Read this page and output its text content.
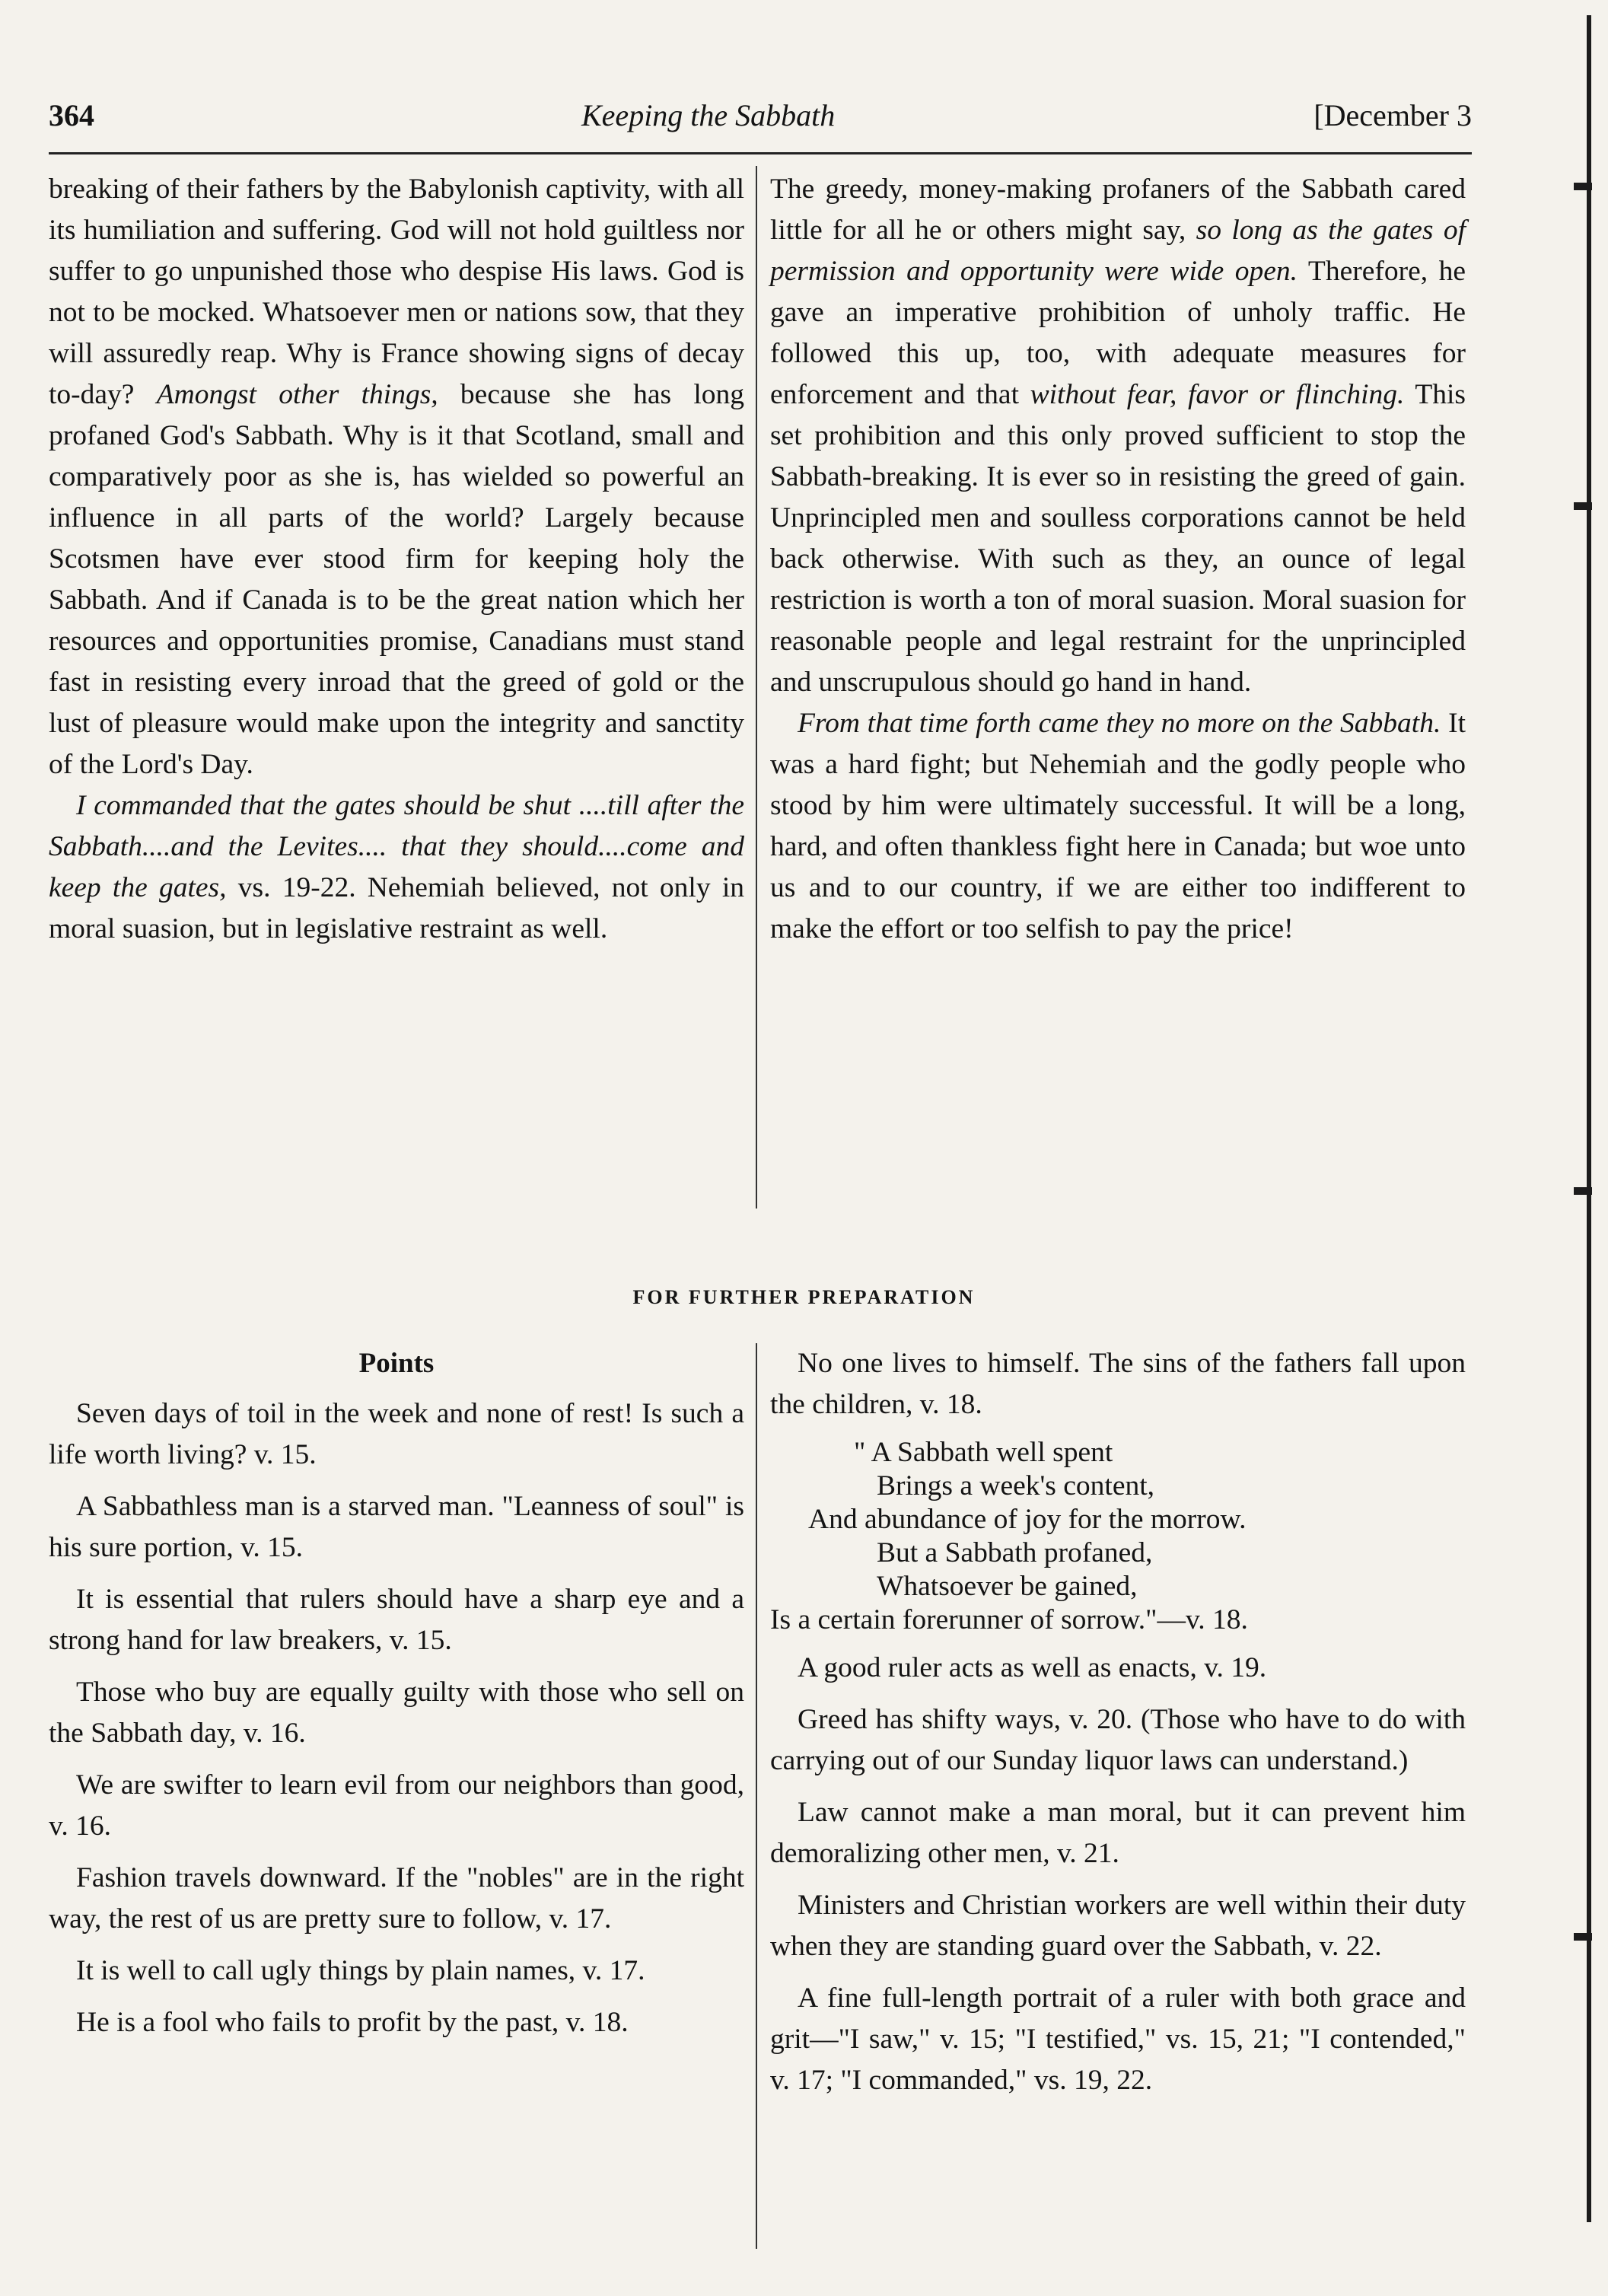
364	Keeping the Sabbath	[December 3

breaking of their fathers by the Babylonish captivity, with all its humiliation and suffering. God will not hold guiltless nor suffer to go unpunished those who despise His laws. God is not to be mocked. Whatsoever men or nations sow, that they will assuredly reap. Why is France showing signs of decay to-day? Amongst other things, because she has long profaned God's Sabbath. Why is it that Scotland, small and comparatively poor as she is, has wielded so powerful an influence in all parts of the world? Largely because Scotsmen have ever stood firm for keeping holy the Sabbath. And if Canada is to be the great nation which her resources and opportunities promise, Canadians must stand fast in resisting every inroad that the greed of gold or the lust of pleasure would make upon the integrity and sanctity of the Lord's Day.

I commanded that the gates should be shut ....till after the Sabbath....and the Levites.... that they should....come and keep the gates, vs. 19-22. Nehemiah believed, not only in moral suasion, but in legislative restraint as well.

The greedy, money-making profaners of the Sabbath cared little for all he or others might say, so long as the gates of permission and opportunity were wide open. Therefore, he gave an imperative prohibition of unholy traffic. He followed this up, too, with adequate measures for enforcement and that without fear, favor or flinching. This set prohibition and this only proved sufficient to stop the Sabbath-breaking. It is ever so in resisting the greed of gain. Unprincipled men and soulless corporations cannot be held back otherwise. With such as they, an ounce of legal restriction is worth a ton of moral suasion. Moral suasion for reasonable people and legal restraint for the unprincipled and unscrupulous should go hand in hand.

From that time forth came they no more on the Sabbath. It was a hard fight; but Nehemiah and the godly people who stood by him were ultimately successful. It will be a long, hard, and often thankless fight here in Canada; but woe unto us and to our country, if we are either too indifferent to make the effort or too selfish to pay the price!

FOR FURTHER PREPARATION

Points

Seven days of toil in the week and none of rest! Is such a life worth living? v. 15.

A Sabbathless man is a starved man. "Leanness of soul" is his sure portion, v. 15.

It is essential that rulers should have a sharp eye and a strong hand for law breakers, v. 15.

Those who buy are equally guilty with those who sell on the Sabbath day, v. 16.

We are swifter to learn evil from our neighbors than good, v. 16.

Fashion travels downward. If the "nobles" are in the right way, the rest of us are pretty sure to follow, v. 17.

It is well to call ugly things by plain names, v. 17.

He is a fool who fails to profit by the past, v. 18.

No one lives to himself. The sins of the fathers fall upon the children, v. 18.

" A Sabbath well spent
Brings a week's content,
And abundance of joy for the morrow.
But a Sabbath profaned,
Whatsoever be gained,
Is a certain forerunner of sorrow."—v. 18.

A good ruler acts as well as enacts, v. 19.

Greed has shifty ways, v. 20. (Those who have to do with carrying out of our Sunday liquor laws can understand.)

Law cannot make a man moral, but it can prevent him demoralizing other men, v. 21.

Ministers and Christian workers are well within their duty when they are standing guard over the Sabbath, v. 22.

A fine full-length portrait of a ruler with both grace and grit—"I saw," v. 15; "I testified," vs. 15, 21; "I contended," v. 17; "I commanded," vs. 19, 22.
